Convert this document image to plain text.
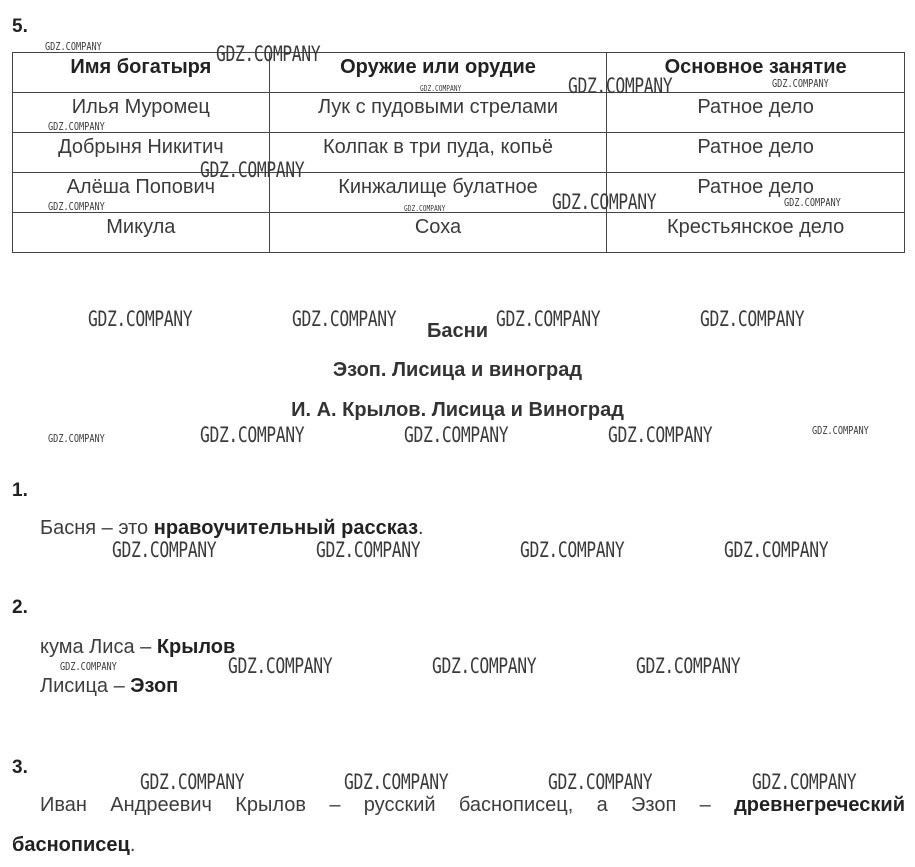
5.
Имя богатыря	Оружие или орудие	Основное занятие
Илья Муромец	Лук с пудовыми стрелами	Ратное дело
Добрыня Никитич	Колпак в три пуда, копьё	Ратное дело
Алёша Попович	Кинжалище булатное	Ратное дело
Микула	Соха	Крестьянское дело
Басни
Эзоп. Лисица и виноград
И. А. Крылов. Лисица и Виноград
1.
Басня – это нравоучительный рассказ.
2.
кума Лиса – Крылов
Лисица – Эзоп
3.
Иван Андреевич Крылов – русский баснописец, а Эзоп – древнегреческий
баснописец.
GDZ.COMPANY	GDZ.COMPANY
GDZ.COMPANY	GDZ.COMPANY	GDZ.COMPANY
GDZ.COMPANY
GDZ.COMPANY
GDZ.COMPANY	GDZ.COMPANY	GDZ.COMPANY	GDZ.COMPANY
GDZ.COMPANY	GDZ.COMPANY	GDZ.COMPANY	GDZ.COMPANY
GDZ.COMPANY	GDZ.COMPANY	GDZ.COMPANY	GDZ.COMPANY	GDZ.COMPANY
GDZ.COMPANY	GDZ.COMPANY	GDZ.COMPANY	GDZ.COMPANY
GDZ.COMPANY	GDZ.COMPANY	GDZ.COMPANY	GDZ.COMPANY
GDZ.COMPANY	GDZ.COMPANY	GDZ.COMPANY	GDZ.COMPANY
